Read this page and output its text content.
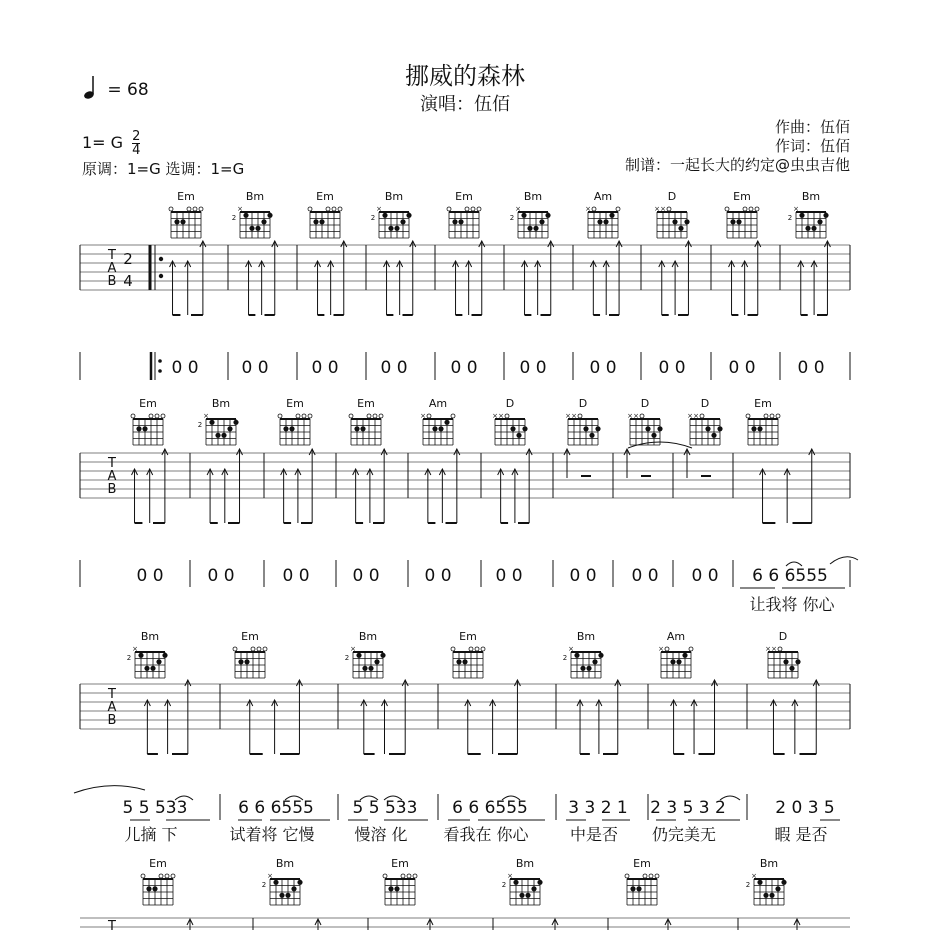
挪威的森林
演唱：伍佰
= 68
1= G $\frac{2}{4}$
原调：1=G 选调：1=G
作曲：伍佰
作词：伍佰
制谱：一起长大的约定@虫虫吉他
Em	Bm
×
2
Em	Bm
×
2
Em	Bm
×
2
Am
×
D
× ×
Em	Bm
×
2
T
A
B
2
4
0 0	0 0	0 0 0 0	0 0 0 0	0 0 0 0	0 0 0 0
Em	Bm
×
2
Em	Em	Am
×
D
× ×
D
× ×
D
× ×
D
× ×
Em
T
A
B
0 0	0 0	0 0	0 0	0 0	0 0	0 0 0 0 0 0 6 6 6555
让我将 你心
Bm
×
2
Em	Bm
×
2
Em	Bm
×
2
Am
×
D
× ×
T
A
B
5 5 533	6 6 6555 5 5 533 6 6 6555 3 3 2 1 2 3 5 3 2	2 0 3 5
儿摘 下	试着将 它慢 慢溶 化 看我在 你心	中是否 仍完美无	暇 是否
Em	Bm
×
2
Em	Bm
×
2
Em	Bm
×
2
T
